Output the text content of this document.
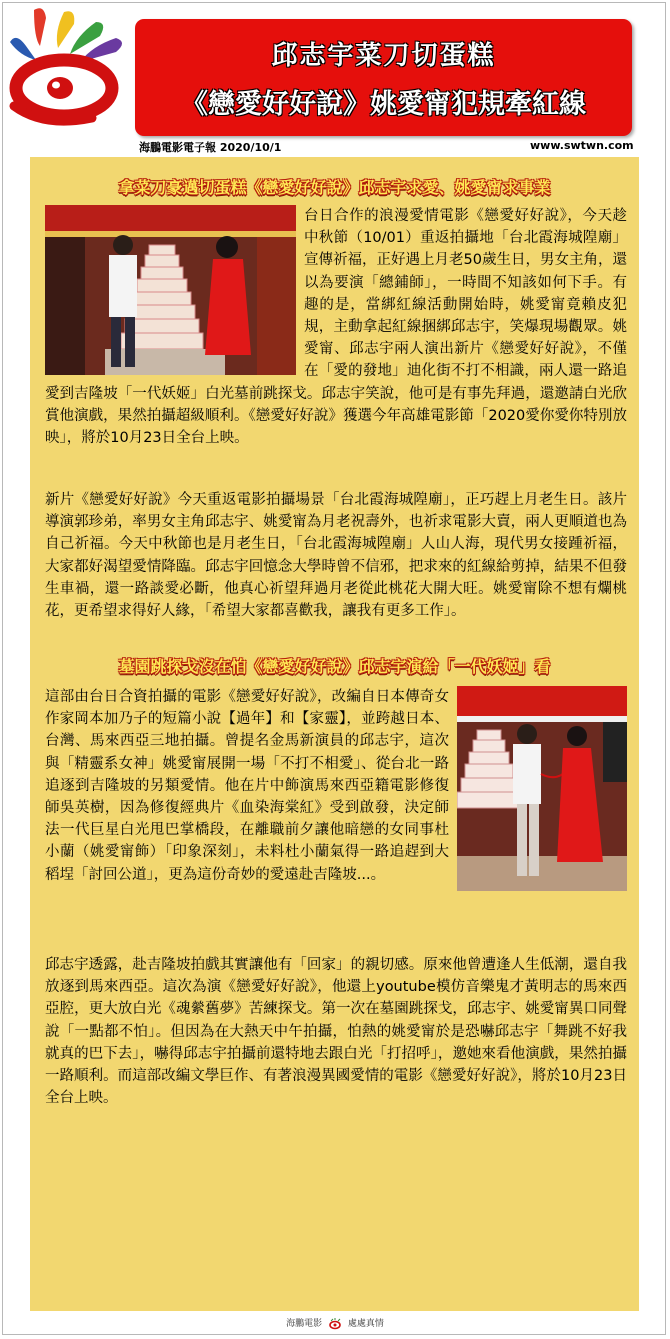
邱志宇菜刀切蛋糕
《戀愛好好說》姚愛甯犯規牽紅線
海鵬電影電子報 2020/10/1	www.swtwn.com
拿菜刀豪邁切蛋糕《戀愛好好說》邱志宇求愛、姚愛甯求事業
台日合作的浪漫愛情電影《戀愛好好說》，今天趁中秋節（10/01）重返拍攝地「台北霞海城隍廟」宣傳祈福，正好遇上月老50歲生日，男女主角，還以為要演「總鋪師」，一時間不知該如何下手。有趣的是，當綁紅線活動開始時，姚愛甯竟賴皮犯規，主動拿起紅線捆綁邱志宇，笑爆現場觀眾。姚愛甯、邱志宇兩人演出新片《戀愛好好說》，不僅在「愛的發地」迪化街不打不相識，兩人還一路追愛到吉隆坡「一代妖姬」白光墓前跳探戈。邱志宇笑說，他可是有事先拜過，還邀請白光欣賞他演戲，果然拍攝超級順利。《戀愛好好說》獲選今年高雄電影節「2020愛你愛你特別放映」，將於10月23日全台上映。
新片《戀愛好好說》今天重返電影拍攝場景「台北霞海城隍廟」，正巧趕上月老生日。該片導演郭珍弟，率男女主角邱志宇、姚愛甯為月老祝壽外，也祈求電影大賣，兩人更順道也為自己祈福。今天中秋節也是月老生日，「台北霞海城隍廟」人山人海，現代男女接踵祈福，大家都好渴望愛情降臨。邱志宇回憶念大學時曾不信邪，把求來的紅線給剪掉，結果不但發生車禍，還一路談愛必斷，他真心祈望拜過月老從此桃花大開大旺。姚愛甯除不想有爛桃花，更希望求得好人緣，「希望大家都喜歡我，讓我有更多工作」。
墓園跳探戈沒在怕《戀愛好好說》邱志宇演給「一代妖姬」看
這部由台日合資拍攝的電影《戀愛好好說》，改編自日本傳奇女作家岡本加乃子的短篇小說【過年】和【家靈】，並跨越日本、台灣、馬來西亞三地拍攝。曾提名金馬新演員的邱志宇，這次與「精靈系女神」姚愛甯展開一場「不打不相愛」、從台北一路追逐到吉隆坡的另類愛情。他在片中飾演馬來西亞籍電影修復師吳英樹，因為修復經典片《血染海棠紅》受到啟發，決定師法一代巨星白光甩巴掌橋段，在離職前夕讓他暗戀的女同事杜小蘭（姚愛甯飾）「印象深刻」，未料杜小蘭氣得一路追趕到大稻埕「討回公道」，更為這份奇妙的愛遠赴吉隆坡...。
邱志宇透露，赴吉隆坡拍戲其實讓他有「回家」的親切感。原來他曾遭逢人生低潮，還自我放逐到馬來西亞。這次為演《戀愛好好說》，他還上youtube模仿音樂鬼才黃明志的馬來西亞腔，更大放白光《魂縈舊夢》苦練探戈。第一次在墓園跳探戈，邱志宇、姚愛甯異口同聲說「一點都不怕」。但因為在大熱天中午拍攝，怕熱的姚愛甯於是恐嚇邱志宇「舞跳不好我就真的巴下去」，嚇得邱志宇拍攝前還特地去跟白光「打招呼」，邀她來看他演戲，果然拍攝一路順利。而這部改編文學巨作、有著浪漫異國愛情的電影《戀愛好好說》，將於10月23日全台上映。
海鵬電影	處處真情
